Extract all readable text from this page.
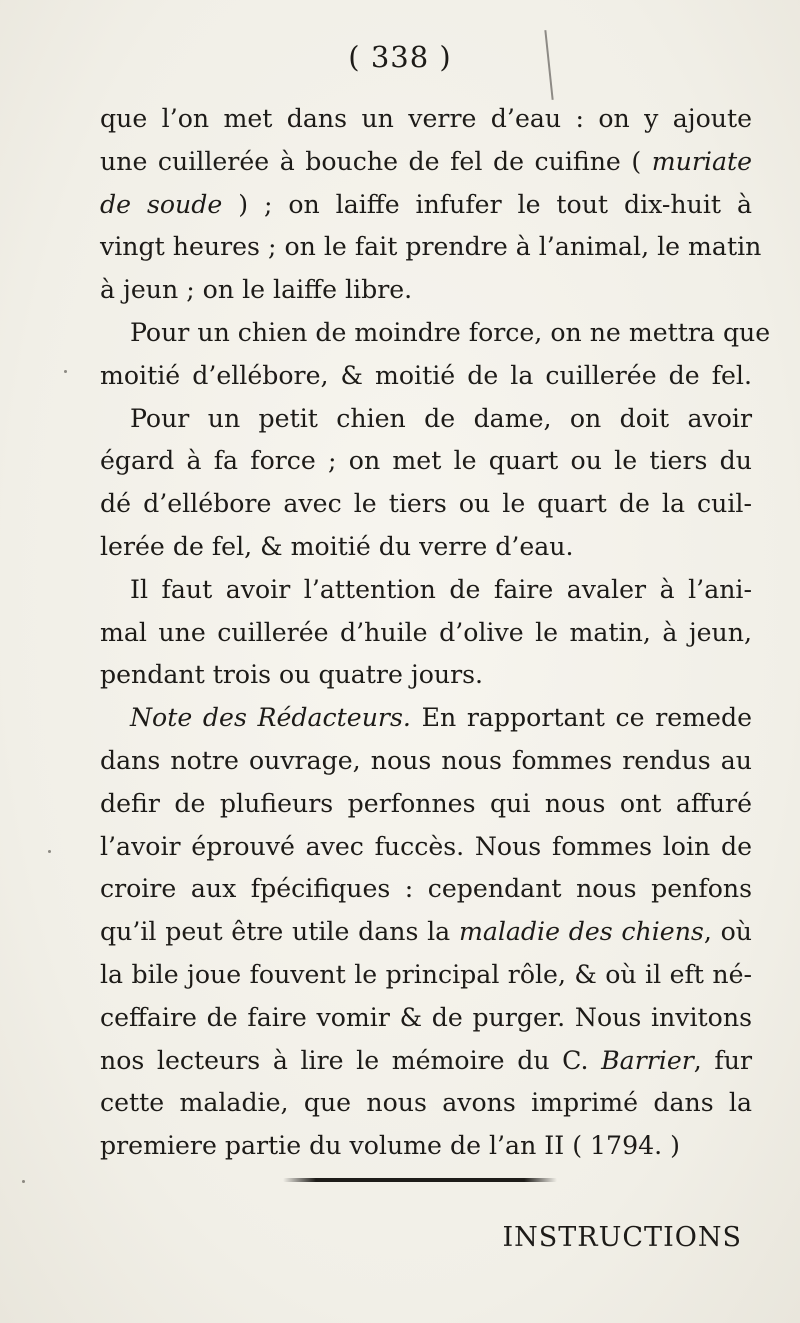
( 338 )
que l’on met dans un verre d’eau : on y ajoute
une cuillerée à bouche de fel de cuifine ( muriate
de soude ) ; on laiffe infufer le tout dix-huit à
vingt heures ; on le fait prendre à l’animal, le matin
à jeun ; on le laiffe libre.
Pour un chien de moindre force, on ne mettra que
moitié d’ellébore, & moitié de la cuillerée de fel.
Pour un petit chien de dame, on doit avoir
égard à fa force ; on met le quart ou le tiers du
dé d’ellébore avec le tiers ou le quart de la cuil-
lerée de fel, & moitié du verre d’eau.
Il faut avoir l’attention de faire avaler à l’ani-
mal une cuillerée d’huile d’olive le matin, à jeun,
pendant trois ou quatre jours.
Note des Rédacteurs. En rapportant ce remede
dans notre ouvrage, nous nous fommes rendus au
defir de plufieurs perfonnes qui nous ont affuré
l’avoir éprouvé avec fuccès. Nous fommes loin de
croire aux fpécifiques : cependant nous penfons
qu’il peut être utile dans la maladie des chiens, où
la bile joue fouvent le principal rôle, & où il eft né-
ceffaire de faire vomir & de purger. Nous invitons
nos lecteurs à lire le mémoire du C. Barrier, fur
cette maladie, que nous avons imprimé dans la
premiere partie du volume de l’an II ( 1794. )
INSTRUCTIONS
